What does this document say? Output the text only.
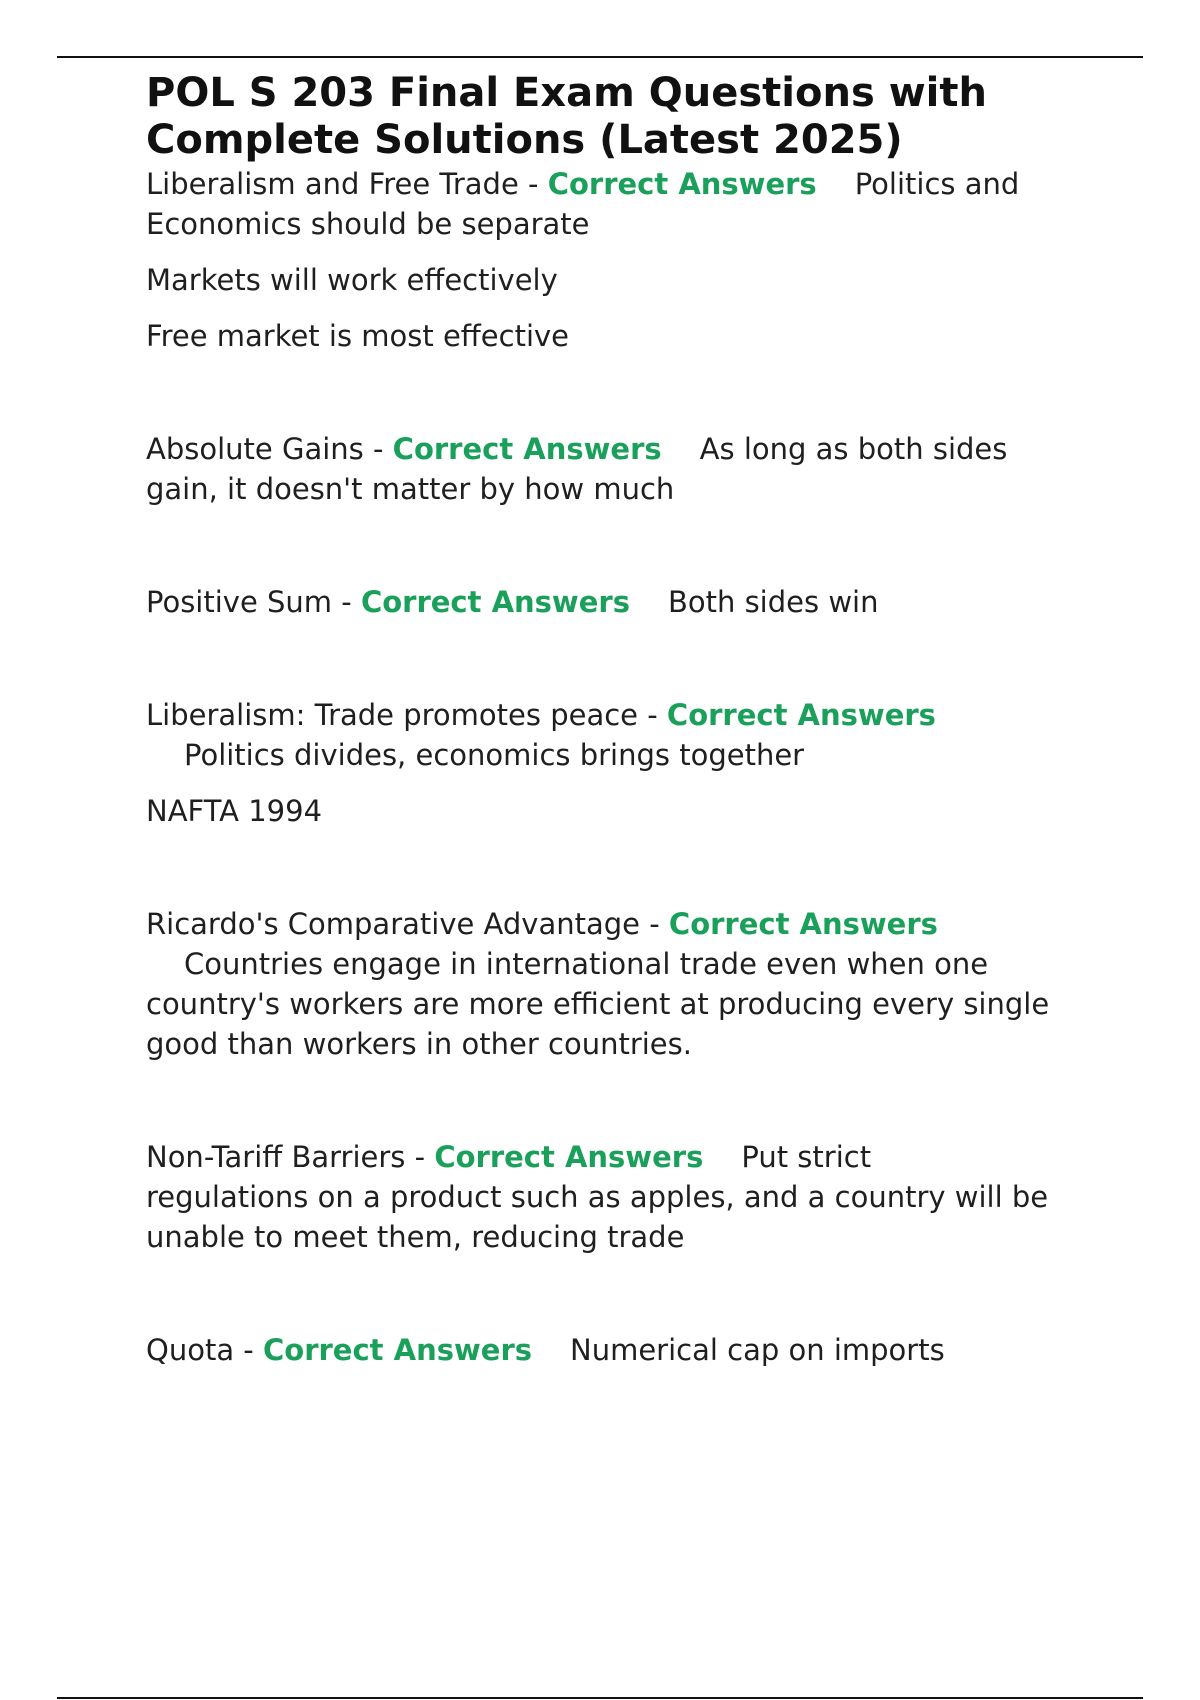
POL S 203 Final Exam Questions with Complete Solutions (Latest 2025)

Liberalism and Free Trade - Correct Answers Politics and

Economics should be separate

Markets will work effectively

Free market is most effective

Absolute Gains - Correct Answers As long as both sides

gain, it doesn't matter by how much

Positive Sum - Correct Answers Both sides win

Liberalism: Trade promotes peace - Correct Answers

Politics divides, economics brings together

NAFTA 1994

Ricardo's Comparative Advantage - Correct Answers

Countries engage in international trade even when one

country's workers are more efficient at producing every single

good than workers in other countries.

Non-Tariff Barriers - Correct Answers Put strict

regulations on a product such as apples, and a country will be

unable to meet them, reducing trade

Quota - Correct Answers Numerical cap on imports
